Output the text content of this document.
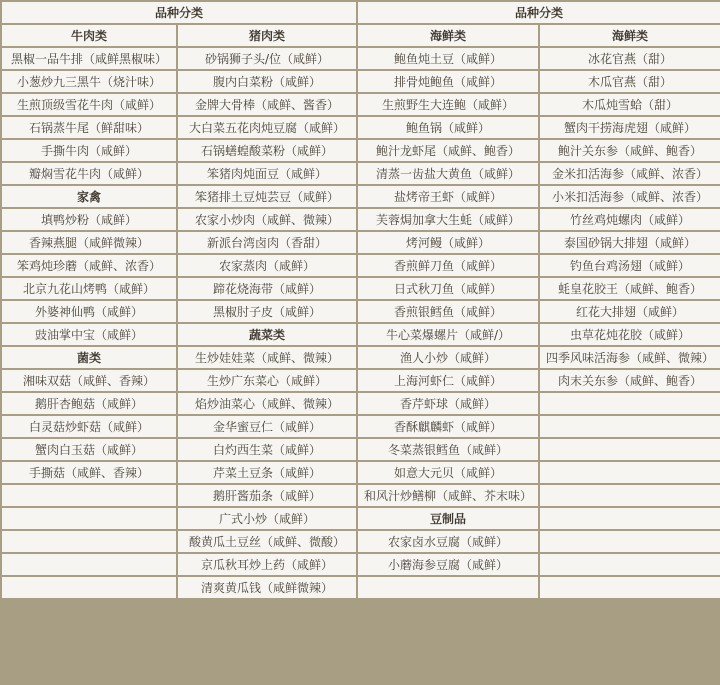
品种分类		品种分类	
牛肉类	猪肉类	海鲜类	海鲜类
黑椒一品牛排（咸鲜黑椒味）	砂锅狮子头/位（咸鲜）	鲍鱼炖土豆（咸鲜）	冰花官燕（甜）
小葱炒九三黑牛（烧汁味）	腹内白菜粉（咸鲜）	排骨炖鲍鱼（咸鲜）	木瓜官燕（甜）
生煎顶级雪花牛肉（咸鲜）	金牌大骨棒（咸鲜、酱香）	生煎野生大连鲍（咸鲜）	木瓜炖雪蛤（甜）
石锅蒸牛尾（鲜甜味）	大白菜五花肉炖豆腐（咸鲜）	鲍鱼锅（咸鲜）	蟹肉干捞海虎翅（咸鲜）
手撕牛肉（咸鲜）	石锅蟮蝗酸菜粉（咸鲜）	鲍汁龙虾尾（咸鲜、鲍香）	鲍汁关东参（咸鲜、鲍香）
瓣焖雪花牛肉（咸鲜）	笨猪肉炖面豆（咸鲜）	清蒸一齿盐大黄鱼（咸鲜）	金米扣活海参（咸鲜、浓香）
家禽	笨猪排土豆炖芸豆（咸鲜）	盐烤帝王虾（咸鲜）	小米扣活海参（咸鲜、浓香）
填鸭炒粉（咸鲜）	农家小炒肉（咸鲜、微辣）	芙蓉焗加拿大生蚝（咸鲜）	竹丝鸡炖螺肉（咸鲜）
香辣燕腿（咸鲜微辣）	新派台湾卤肉（香甜）	烤河鳗（咸鲜）	泰国砂锅大排翅（咸鲜）
笨鸡炖珍蘑（咸鲜、浓香）	农家蒸肉（咸鲜）	香煎鲜刀鱼（咸鲜）	钓鱼台鸡汤翅（咸鲜）
北京九花山烤鸭（咸鲜）	蹄花烧海带（咸鲜）	日式秋刀鱼（咸鲜）	蚝皇花胶王（咸鲜、鲍香）
外婆神仙鸭（咸鲜）	黑椒肘子皮（咸鲜）	香煎银鳕鱼（咸鲜）	红花大排翅（咸鲜）
豉油掌中宝（咸鲜）	蔬菜类	牛心菜爆螺片（咸鲜/）	虫草花炖花胶（咸鲜）
菌类	生炒娃娃菜（咸鲜、微辣）	渔人小炒（咸鲜）	四季风味活海参（咸鲜、微辣）
湘味双菇（咸鲜、香辣）	生炒广东菜心（咸鲜）	上海河虾仁（咸鲜）	肉末关东参（咸鲜、鲍香）
鹅肝杏鲍菇（咸鲜）	焰炒油菜心（咸鲜、微辣）	香芹虾球（咸鲜）	
白灵菇炒虾菇（咸鲜）	金华蜜豆仁（咸鲜）	香酥麒麟虾（咸鲜）	
蟹肉白玉菇（咸鲜）	白灼西生菜（咸鲜）	冬菜蒸银鳕鱼（咸鲜）	
手撕菇（咸鲜、香辣）	芹菜土豆条（咸鲜）	如意大元贝（咸鲜）	
	鹅肝酱茄条（咸鲜）	和风汁炒鳝柳（咸鲜、芥末味）	
	广式小炒（咸鲜）	豆制品	
	酸黄瓜土豆丝（咸鲜、微酸）	农家卤水豆腐（咸鲜）	
	京瓜秋耳炒上药（咸鲜）	小蘑海参豆腐（咸鲜）	
	清爽黄瓜钱（咸鲜微辣）		
